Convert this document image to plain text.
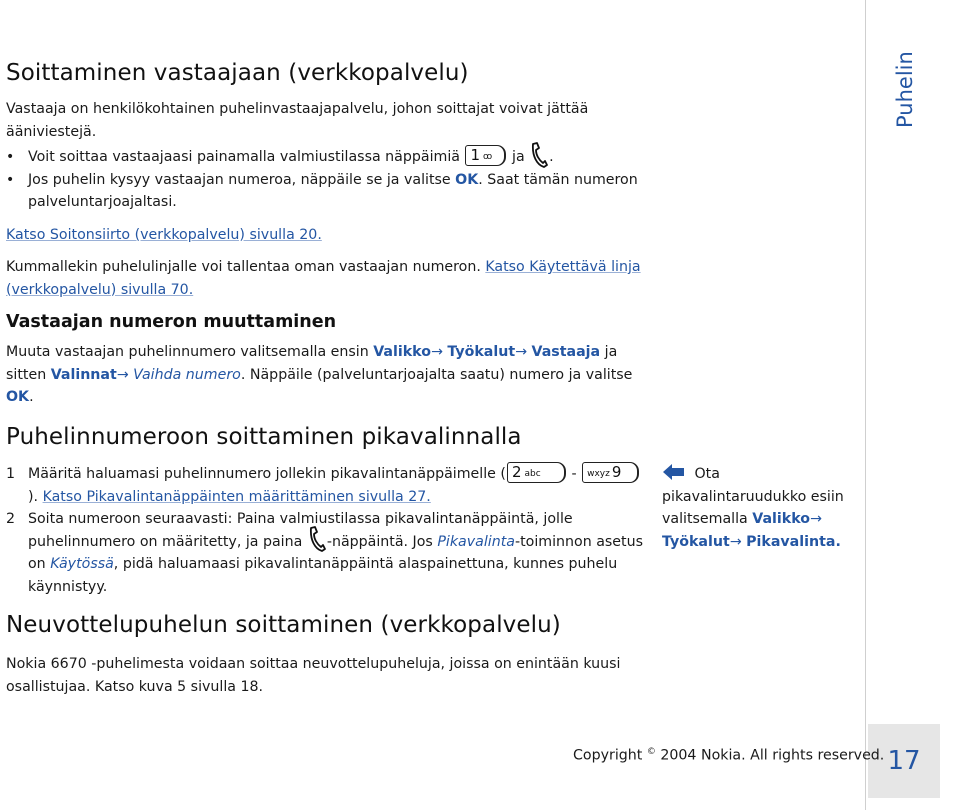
Puhelin
17
Soittaminen vastaajaan (verkkopalvelu)
Vastaaja on henkilökohtainen puhelinvastaajapalvelu, johon soittajat voivat jättää ääniviestejä.
• Voit soittaa vastaajaasi painamalla valmiustilassa näppäimiä 1 ꝏ ja .
• Jos puhelin kysyy vastaajan numeroa, näppäile se ja valitse OK. Saat tämän numeron palveluntarjoajaltasi.
Katso Soitonsiirto (verkkopalvelu) sivulla 20.
Kummallekin puhelulinjalle voi tallentaa oman vastaajan numeron. Katso Käytettävä linja (verkkopalvelu) sivulla 70.
Vastaajan numeron muuttaminen
Muuta vastaajan puhelinnumero valitsemalla ensin Valikko→ Työkalut→ Vastaaja ja sitten Valinnat→ Vaihda numero. Näppäile (palveluntarjoajalta saatu) numero ja valitse OK.
Puhelinnumeroon soittaminen pikavalinnalla
1 Määritä haluamasi puhelinnumero jollekin pikavalintanäppäimelle ( 2 abc - wxyz 9 ). Katso Pikavalintanäppäinten määrittäminen sivulla 27.
2 Soita numeroon seuraavasti: Paina valmiustilassa pikavalintanäppäintä, jolle puhelinnumero on määritetty, ja paina -näppäintä. Jos Pikavalinta-toiminnon asetus on Käytössä, pidä haluamaasi pikavalintanäppäintä alaspainettuna, kunnes puhelu käynnistyy.
Ota pikavalintaruudukko esiin valitsemalla Valikko→ Työkalut→ Pikavalinta.
Neuvottelupuhelun soittaminen (verkkopalvelu)
Nokia 6670 -puhelimesta voidaan soittaa neuvottelupuheluja, joissa on enintään kuusi osallistujaa. Katso kuva 5 sivulla 18.
Copyright © 2004 Nokia. All rights reserved.
